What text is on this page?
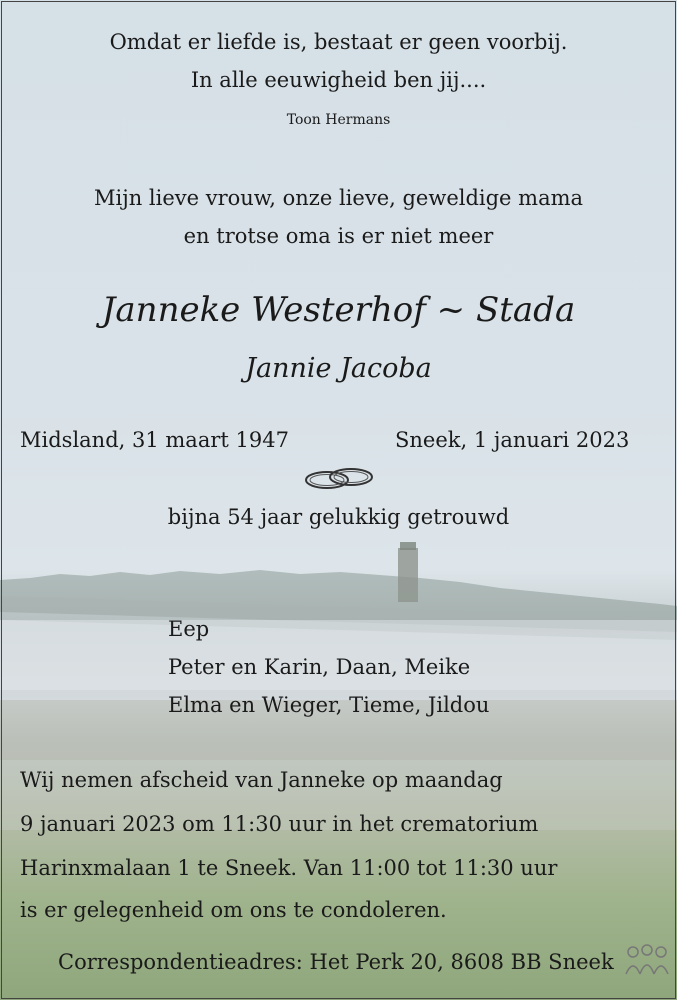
Omdat er liefde is, bestaat er geen voorbij.
In alle eeuwigheid ben jij....
Toon Hermans
Mijn lieve vrouw, onze lieve, geweldige mama
en trotse oma is er niet meer
Janneke Westerhof ~ Stada
Jannie Jacoba
Midsland, 31 maart 1947	Sneek, 1 januari 2023
bijna 54 jaar gelukkig getrouwd
Eep
Peter en Karin, Daan, Meike
Elma en Wieger, Tieme, Jildou
Wij nemen afscheid van Janneke op maandag
9 januari 2023 om 11:30 uur in het crematorium
Harinxmalaan 1 te Sneek. Van 11:00 tot 11:30 uur
is er gelegenheid om ons te condoleren.
Correspondentieadres: Het Perk 20, 8608 BB Sneek
